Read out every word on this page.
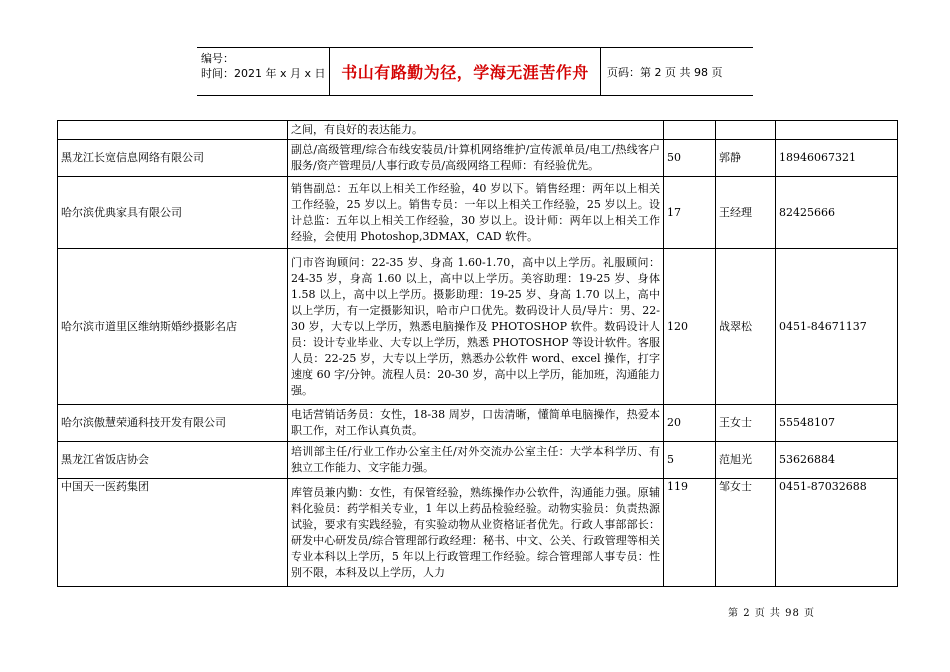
编号：
时间：2021 年 x 月 x 日 书山有路勤为径，学海无涯苦作舟	页码：第 2 页 共 98 页
	之间，有良好的表达能力。			
黑龙江长宽信息网络有限公司	副总/高级管理/综合布线安装员/计算机网络维护/宣传派单员/电工/热线客户服务/资产管理员/人事行政专员/高级网络工程师：有经验优先。	50	郭静	18946067321
哈尔滨优典家具有限公司	销售副总：五年以上相关工作经验，40 岁以下。销售经理：两年以上相关工作经验，25 岁以上。销售专员：一年以上相关工作经验，25 岁以上。设计总监：五年以上相关工作经验，30 岁以上。设计师：两年以上相关工作经验，会使用 Photoshop,3DMAX，CAD 软件。	17	王经理	82425666
哈尔滨市道里区维纳斯婚纱摄影名店	门市咨询顾问：22-35 岁、身高 1.60-1.70，高中以上学历。礼服顾问：24-35 岁，身高 1.60 以上，高中以上学历。美容助理：19-25 岁、身体 1.58 以上，高中以上学历。摄影助理：19-25 岁、身高 1.70 以上，高中以上学历，有一定摄影知识，哈市户口优先。数码设计人员/导片：男、22-30 岁，大专以上学历，熟悉电脑操作及 PHOTOSHOP 软件。数码设计人员：设计专业毕业、大专以上学历，熟悉 PHOTOSHOP 等设计软件。客服人员：22-25 岁，大专以上学历，熟悉办公软件 word、excel 操作，打字速度 60 字/分钟。流程人员：20-30 岁，高中以上学历，能加班，沟通能力强。	120	战翠松	0451-84671137
哈尔滨傲慧荣通科技开发有限公司	电话营销话务员：女性，18-38 周岁，口齿清晰，懂简单电脑操作，热爱本职工作，对工作认真负责。	20	王女士	55548107
黑龙江省饭店协会	培训部主任/行业工作办公室主任/对外交流办公室主任：大学本科学历、有独立工作能力、文字能力强。	5	范旭光	53626884
中国天一医药集团	库管员兼内勤：女性，有保管经验，熟练操作办公软件，沟通能力强。原辅料化验员：药学相关专业，1 年以上药品检验经验。动物实验员：负责热源试验，要求有实践经验，有实验动物从业资格证者优先。行政人事部部长：研发中心研发员/综合管理部行政经理：秘书、中文、公关、行政管理等相关专业本科以上学历，5 年以上行政管理工作经验。综合管理部人事专员：性别不限，本科及以上学历，人力	119	邹女士	0451-87032688
第 2 页 共 98 页
